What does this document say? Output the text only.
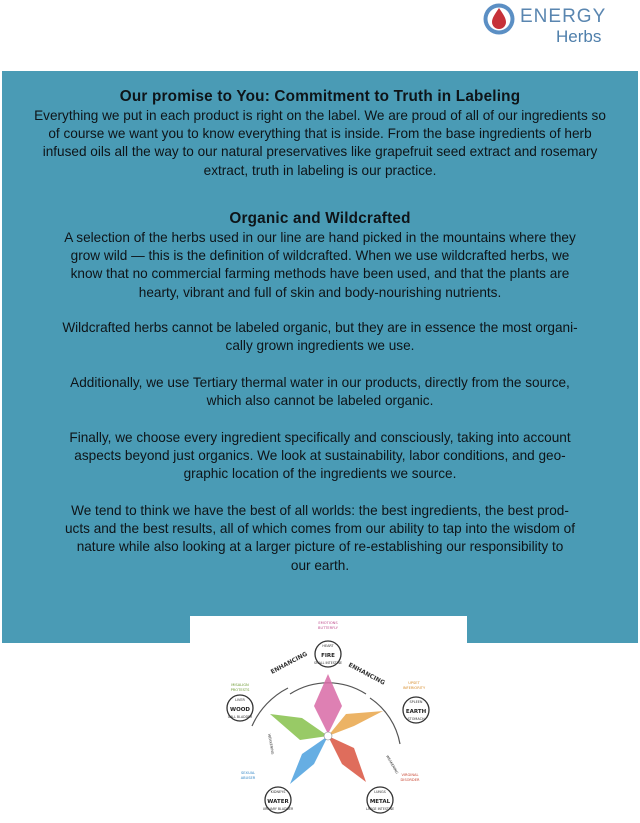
ENERGY
Herbs
Our promise to You: Commitment to Truth in Labeling
Everything we put in each product is right on the label. We are proud of all of our ingredients so
of course we want you to know everything that is inside. From the base ingredients of herb
infused oils all the way to our natural preservatives like grapefruit seed extract and rosemary
extract, truth in labeling is our practice.
Organic and Wildcrafted
A selection of the herbs used in our line are hand picked in the mountains where they
grow wild — this is the definition of wildcrafted. When we use wildcrafted herbs, we
know that no commercial farming methods have been used, and that the plants are
hearty, vibrant and full of skin and body-nourishing nutrients.
Wildcrafted herbs cannot be labeled organic, but they are in essence the most organi-
cally grown ingredients we use.
Additionally, we use Tertiary thermal water in our products, directly from the source,
which also cannot be labeled organic.
Finally, we choose every ingredient specifically and consciously, taking into account
aspects beyond just organics. We look at sustainability, labor conditions, and geo-
graphic location of the ingredients we source.
We tend to think we have the best of all worlds: the best ingredients, the best prod-
ucts and the best results, all of which comes from our ability to tap into the wisdom of
nature while also looking at a larger picture of re-establishing our responsibility to
our earth.
FIRE
HEART
SMALL INTESTINE
EARTH
SPLEEN
STOMACH
METAL
LUNGS
LARGE INTESTINE
WATER
KIDNEYS
URINARY BLADDER
WOOD
LIVER
GALL BLADDER
EMOTIONS
BUTTERFLY
UPSET
INFERIORITY
VIRGINAL
DISORDER
SEXUAL
ABUSER
MISALIGN
PROTESTS
ENHANCING	ENHANCING
WEAKENING
WEAKENING
